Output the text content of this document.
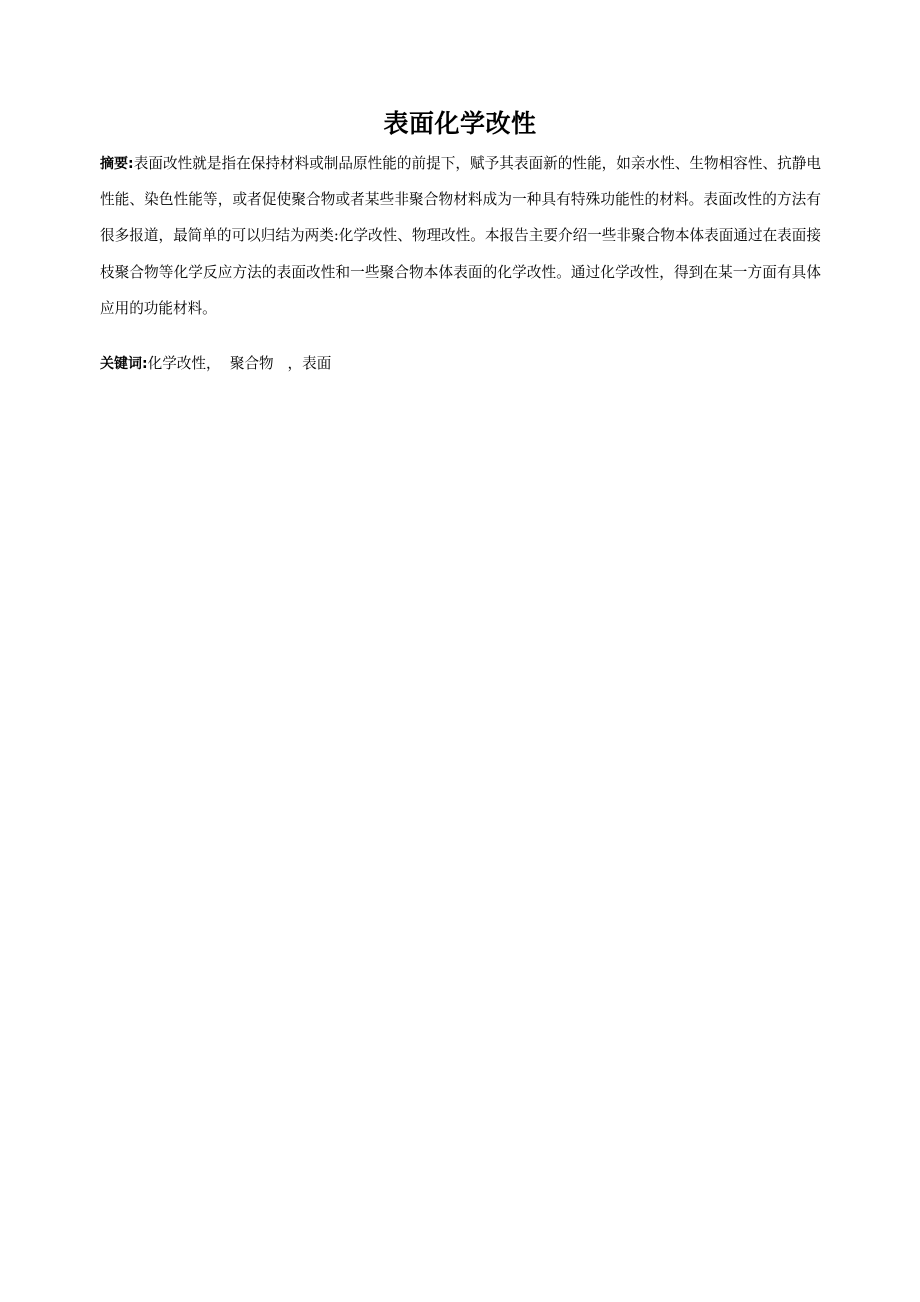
表面化学改性
摘要:表面改性就是指在保持材料或制品原性能的前提下，赋予其表面新的性能，如亲水性、生物相容性、抗静电性能、染色性能等，或者促使聚合物或者某些非聚合物材料成为一种具有特殊功能性的材料。表面改性的方法有很多报道，最简单的可以归结为两类:化学改性、物理改性。本报告主要介绍一些非聚合物本体表面通过在表面接枝聚合物等化学反应方法的表面改性和一些聚合物本体表面的化学改性。通过化学改性，得到在某一方面有具体应用的功能材料。
关键词:化学改性，  聚合物   ，表面
